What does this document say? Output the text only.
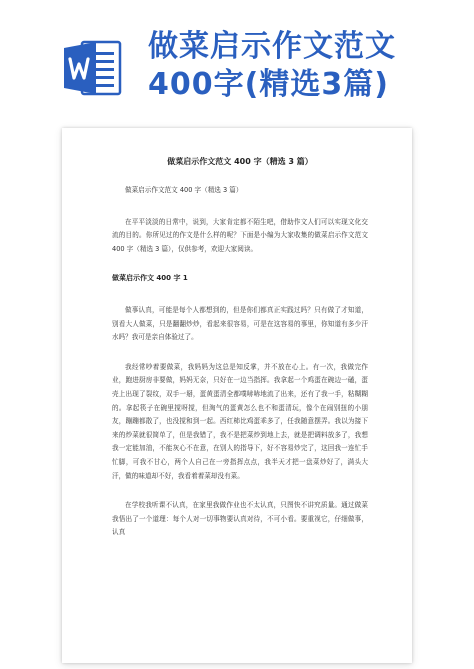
做菜启示作文范文
400字(精选3篇)
做菜启示作文范文 400 字（精选 3 篇）
做菜启示作文范文 400 字（精选 3 篇）
在平平淡淡的日常中，说到，大家肯定都不陌生吧，借助作文人们可以实现文化交流的目的。你所见过的作文是什么样的呢？下面是小编为大家收集的做菜启示作文范文 400 字（精选 3 篇），仅供参考，欢迎大家阅读。
做菜启示作文 400 字 1
做事认真，可能是每个人都想到的，但是你们都真正实践过吗？只有做了才知道，别看大人做菜，只是翻翻炒炒，看起来很容易，可是在这容易的事里，你知道有多少汗水吗？我可是亲自体验过了。
我经常吵着要做菜，我妈妈为这总是知反掌，并不放在心上。有一次，我做完作业，跑进厨房非要做，妈妈无奈，只好在一边当指挥。我拿起一个鸡蛋在碗边一磕，蛋壳上出现了裂纹，双手一掰，蛋黄蛋清全都噗哧哧地流了出来，还有了我一手，粘糊糊的。拿起筷子在碗里搅呀搅，但淘气的蛋黄怎么也不和蛋清玩，像个在闹别扭的小朋友，蹦蹦都散了，也没搅和到一起。西红柿比鸡蛋乖多了，任我随意摆弄。我以为接下来的炒菜就很简单了，但是我错了，我不是把菜炒到地上去，就是把调料放多了，我想我一定能加油，不能灰心不在意，在别人的指导下，好不容易炒完了，这回我一连忙手忙脚，可我不甘心，两个人自己在一旁指挥点点，我半天才把一盘菜炒好了，满头大汗，做的味道却不好，我看着着菜却没有菜。
在学校我听课不认真，在家里我做作业也不太认真，只图快不讲究质量。通过做菜我悟出了一个道理：每个人对一切事物要认真对待，不可小看。要重视它，仔细做事，认真
